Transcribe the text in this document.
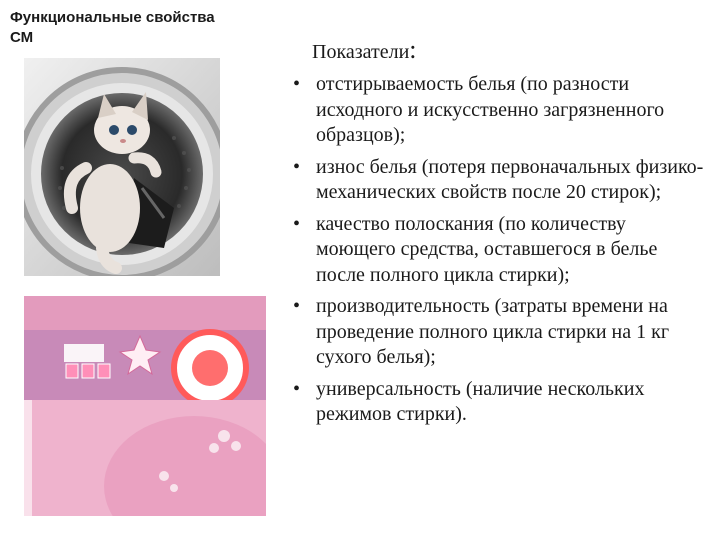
Функциональные свойства
СМ
Показатели:
• отстирываемость белья (по разности исходного и искусственно загрязненного образцов);
• износ белья (потеря первоначальных физико-механических свойств после 20 стирок);
• качество полоскания (по количеству моющего средства, оставшегося в белье после полного цикла стирки);
• производительность (затраты времени на проведение полного цикла стирки на 1 кг сухого белья);
• универсальность (наличие нескольких режимов стирки).
